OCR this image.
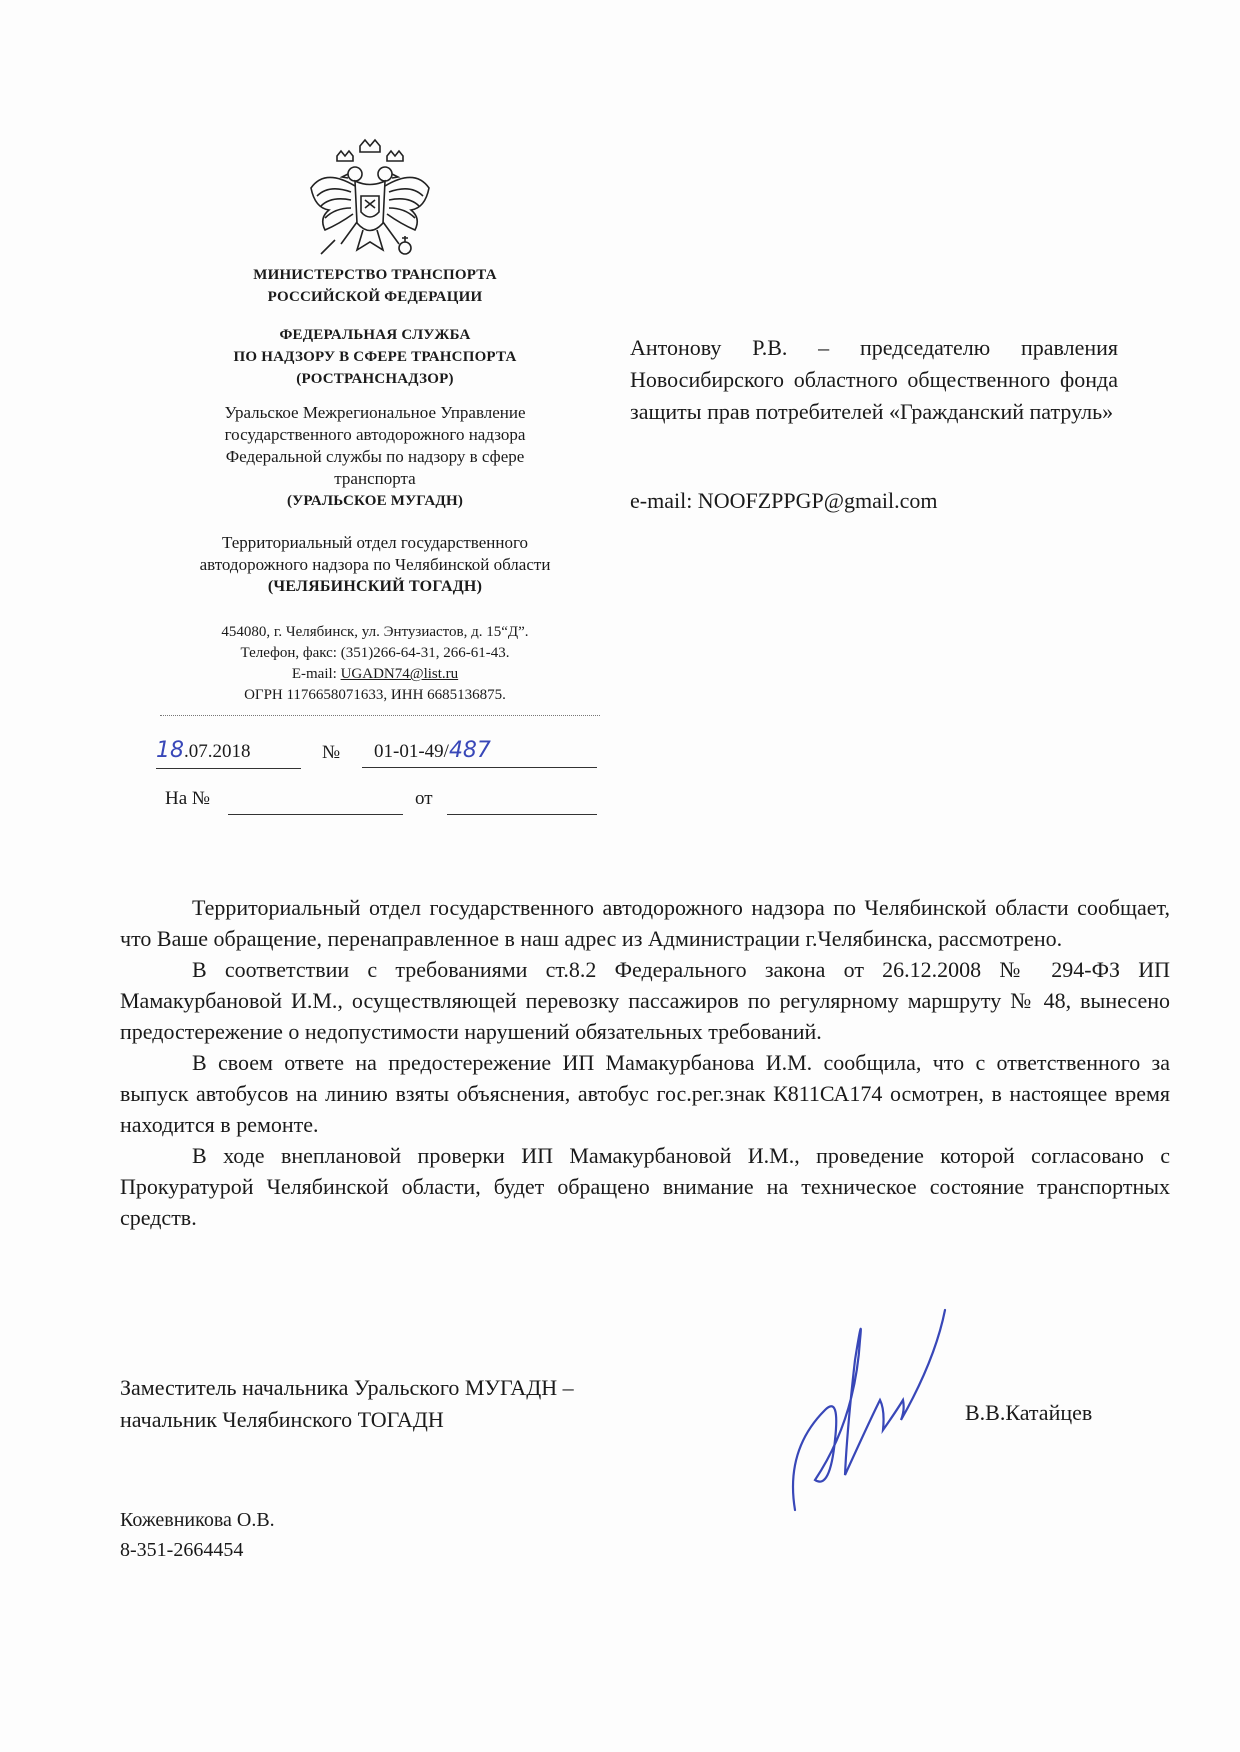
МИНИСТЕРСТВО ТРАНСПОРТА
РОССИЙСКОЙ ФЕДЕРАЦИИ
ФЕДЕРАЛЬНАЯ СЛУЖБА
ПО НАДЗОРУ В СФЕРЕ ТРАНСПОРТА
(РОСТРАНСНАДЗОР)
Уральское Межрегиональное Управление
государственного автодорожного надзора
Федеральной службы по надзору в сфере
транспорта
(УРАЛЬСКОЕ МУГАДН)
Территориальный отдел государственного
автодорожного надзора по Челябинской области
(ЧЕЛЯБИНСКИЙ ТОГАДН)
454080, г. Челябинск, ул. Энтузиастов, д. 15“Д”.
Телефон, факс: (351)266-64-31, 266-61-43.
E-mail: UGADN74@list.ru
ОГРН 1176658071633, ИНН 6685136875.
18.07.2018	№	01-01-49/487
На №	от
Антонову Р.В. – председателю правления Новосибирского областного общественного фонда защиты прав потребителей «Гражданский патруль»
e-mail: NOOFZPPGP@gmail.com

Территориальный отдел государственного автодорожного надзора по Челябинской области сообщает, что Ваше обращение, перенаправленное в наш адрес из Администрации г.Челябинска, рассмотрено.

В соответствии с требованиями ст.8.2 Федерального закона от 26.12.2008 № 294-ФЗ ИП Мамакурбановой И.М., осуществляющей перевозку пассажиров по регулярному маршруту № 48, вынесено предостережение о недопустимости нарушений обязательных требований.

В своем ответе на предостережение ИП Мамакурбанова И.М. сообщила, что с ответственного за выпуск автобусов на линию взяты объяснения, автобус гос.рег.знак К811СА174 осмотрен, в настоящее время находится в ремонте.

В ходе внеплановой проверки ИП Мамакурбановой И.М., проведение которой согласовано с Прокуратурой Челябинской области, будет обращено внимание на техническое состояние транспортных средств.

Заместитель начальника Уральского МУГАДН –
начальник Челябинского ТОГАДН	В.В.Катайцев
Кожевникова О.В.
8-351-2664454
